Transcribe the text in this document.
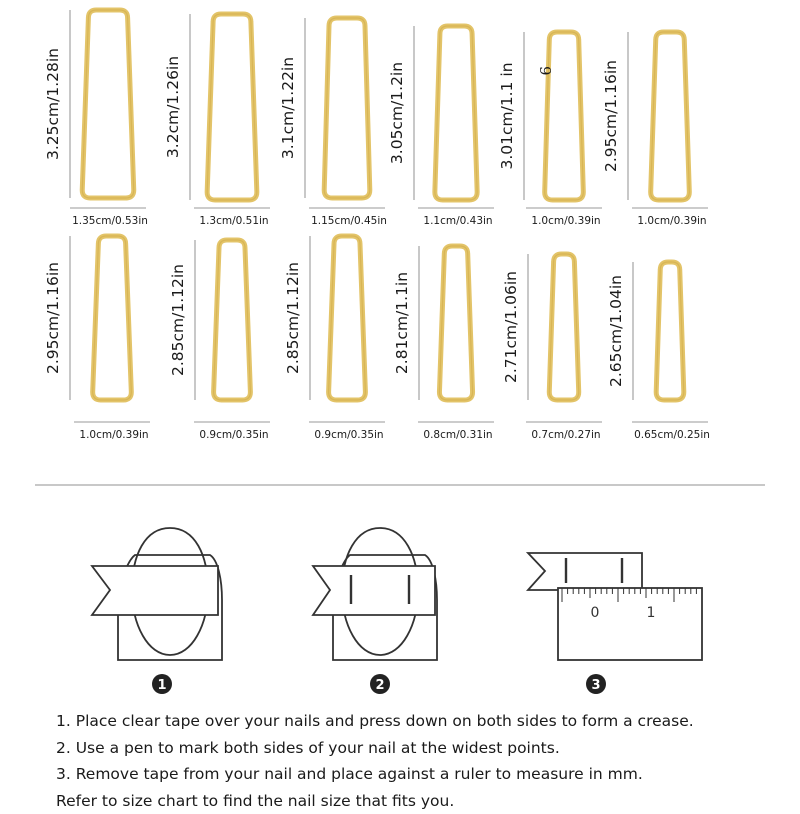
3.25cm/1.28in
1.35cm/0.53in
3.2cm/1.26in
1.3cm/0.51in
3.1cm/1.22in
1.15cm/0.45in
3.05cm/1.2in
1.1cm/0.43in
3.01cm/1.1 in
1.0cm/0.39in
2.95cm/1.16in
1.0cm/0.39in
2.95cm/1.16in
1.0cm/0.39in
2.85cm/1.12in
0.9cm/0.35in
2.85cm/1.12in
0.9cm/0.35in
2.81cm/1.1in
0.8cm/0.31in
2.71cm/1.06in
0.7cm/0.27in
2.65cm/1.04in
0.65cm/0.25in
9
0	1
1	2	3
1. Place clear tape over your nails and press down on both sides to form a crease.
2. Use a pen to mark both sides of your nail at the widest points.
3. Remove tape from your nail and place against a ruler to measure in mm.
Refer to size chart to find the nail size that fits you.
